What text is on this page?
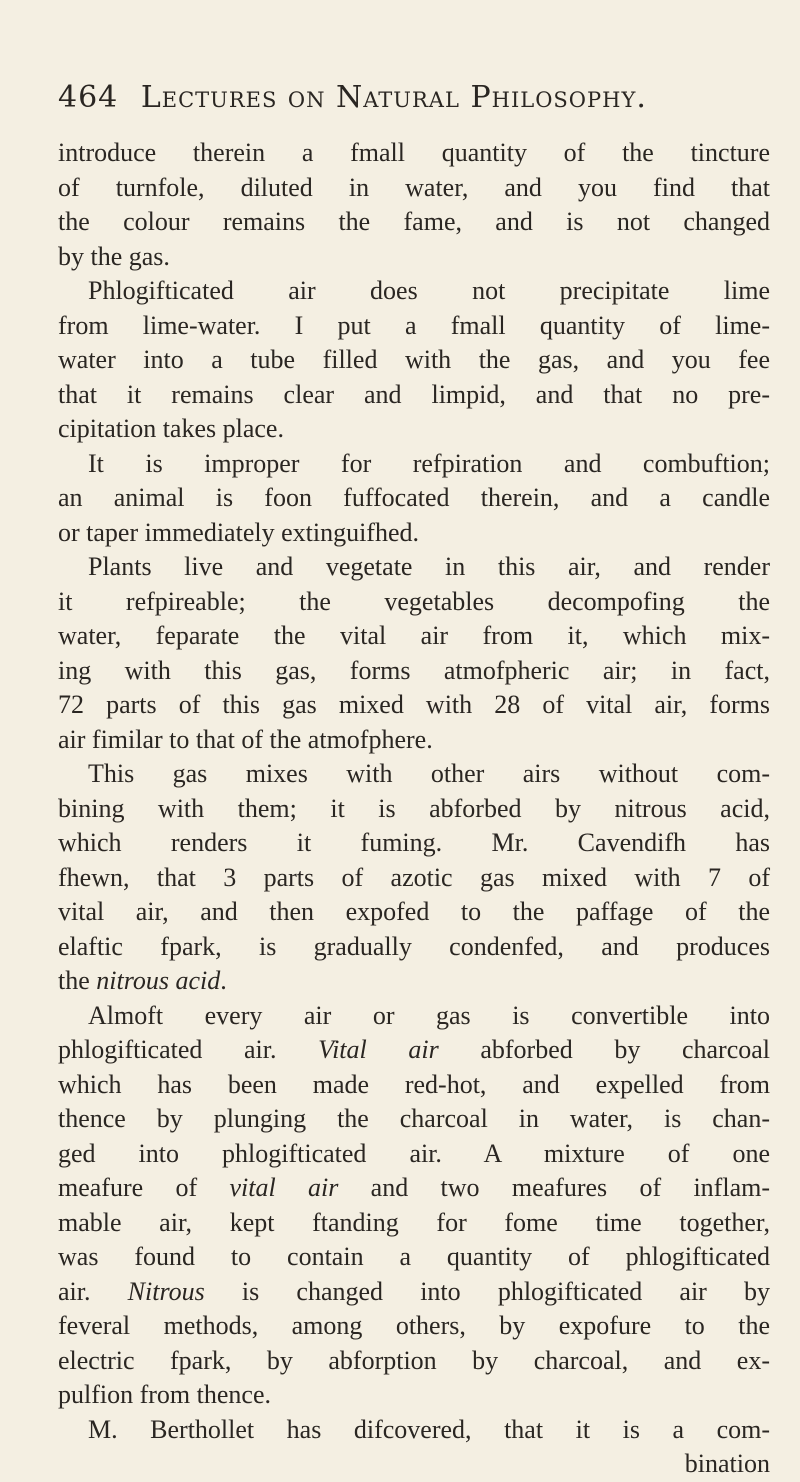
464 Lectures on Natural Philosophy.
introduce therein a fmall quantity of the tincture
of turnfole, diluted in water, and you find that
the colour remains the fame, and is not changed
by the gas.
Phlogifticated air does not precipitate lime
from lime-water. I put a fmall quantity of lime-
water into a tube filled with the gas, and you fee
that it remains clear and limpid, and that no pre-
cipitation takes place.
It is improper for refpiration and combuftion;
an animal is foon fuffocated therein, and a candle
or taper immediately extinguifhed.
Plants live and vegetate in this air, and render
it refpireable; the vegetables decompofing the
water, feparate the vital air from it, which mix-
ing with this gas, forms atmofpheric air; in fact,
72 parts of this gas mixed with 28 of vital air, forms
air fimilar to that of the atmofphere.
This gas mixes with other airs without com-
bining with them; it is abforbed by nitrous acid,
which renders it fuming. Mr. Cavendifh has
fhewn, that 3 parts of azotic gas mixed with 7 of
vital air, and then expofed to the paffage of the
elaftic fpark, is gradually condenfed, and produces
the nitrous acid.
Almoft every air or gas is convertible into
phlogifticated air. Vital air abforbed by charcoal
which has been made red-hot, and expelled from
thence by plunging the charcoal in water, is chan-
ged into phlogifticated air. A mixture of one
meafure of vital air and two meafures of inflam-
mable air, kept ftanding for fome time together,
was found to contain a quantity of phlogifticated
air. Nitrous is changed into phlogifticated air by
feveral methods, among others, by expofure to the
electric fpark, by abforption by charcoal, and ex-
pulfion from thence.
M. Berthollet has difcovered, that it is a com-
bination
